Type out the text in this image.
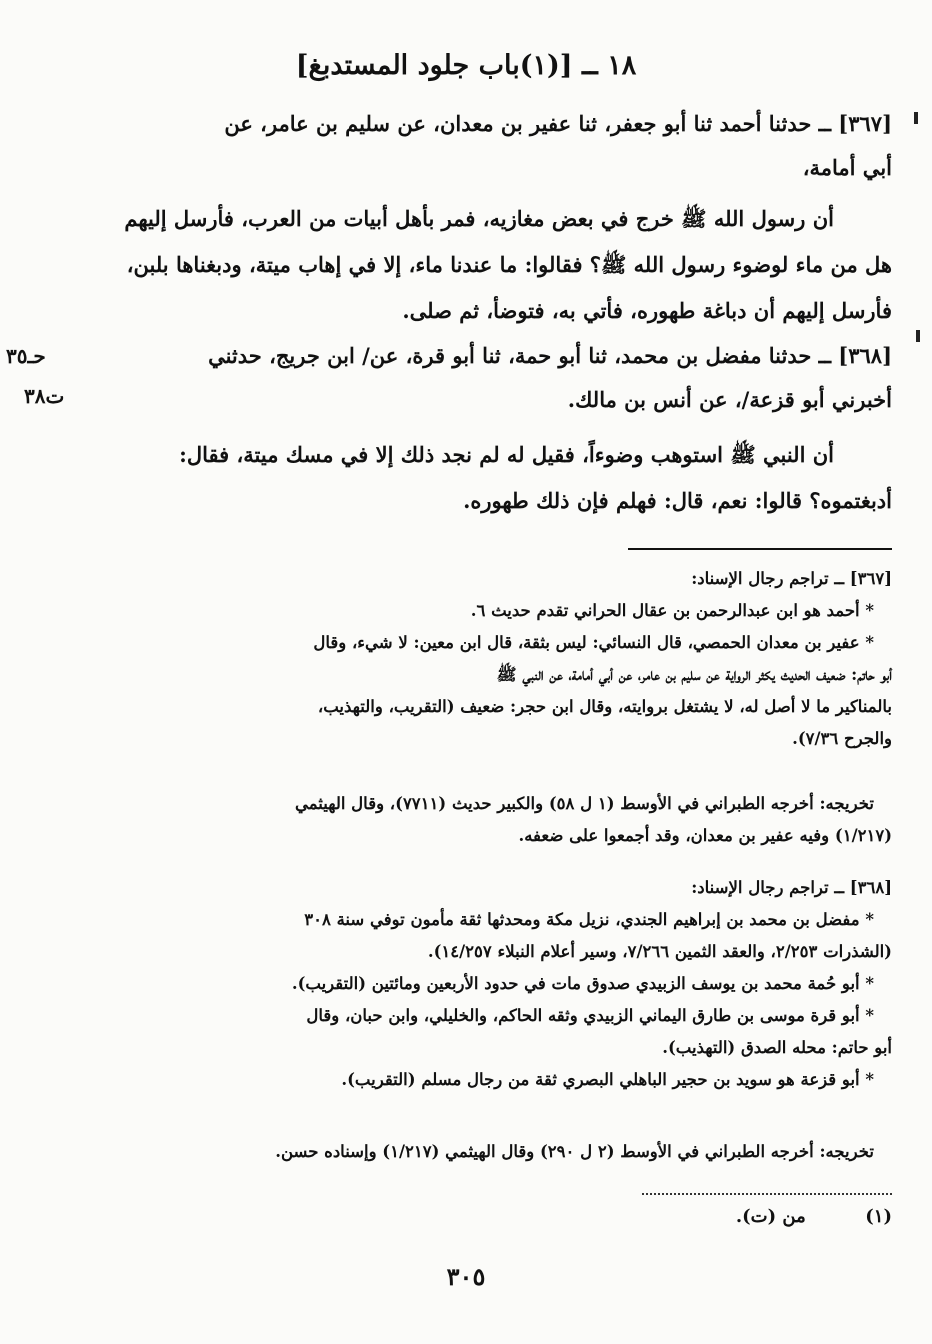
١٨ ــ [(١)باب جلود المستدبغ]

[٣٦٧] ــ حدثنا أحمد ثنا أبو جعفر، ثنا عفير بن معدان، عن سليم بن عامر، عن

أبي أمامة،

أن رسول الله ﷺ خرج في بعض مغازيه، فمر بأهل أبيات من العرب، فأرسل إليهم

هل من ماء لوضوء رسول الله ﷺ؟ فقالوا: ما عندنا ماء، إلا في إهاب ميتة، ودبغناها بلبن،

فأرسل إليهم أن دباغة طهوره، فأتي به، فتوضأ، ثم صلى.

[٣٦٨] ــ حدثنا مفضل بن محمد، ثنا أبو حمة، ثنا أبو قرة، عن/ ابن جريج، حدثني

أخبرني أبو قزعة/، عن أنس بن مالك.

أن النبي ﷺ استوهب وضوءاً، فقيل له لم نجد ذلك إلا في مسك ميتة، فقال:

أدبغتموه؟ قالوا: نعم، قال: فهلم فإن ذلك طهوره.

حـ٣٥
ت٣٨

[٣٦٧] ــ تراجم رجال الإسناد:

* أحمد هو ابن عبدالرحمن بن عقال الحراني تقدم حديث ٦.

* عفير بن معدان الحمصي، قال النسائي: ليس بثقة، قال ابن معين: لا شيء، وقال

أبو حاتم: ضعيف الحديث يكثر الرواية عن سليم بن عامر، عن أبي أمامة، عن النبي ﷺ

بالمناكير ما لا أصل له، لا يشتغل بروايته، وقال ابن حجر: ضعيف (التقريب، والتهذيب،

والجرح ٧/٣٦).

تخريجه: أخرجه الطبراني في الأوسط (١ ل ٥٨) والكبير حديث (٧٧١١)، وقال الهيثمي

(١/٢١٧) وفيه عفير بن معدان، وقد أجمعوا على ضعفه.

[٣٦٨] ــ تراجم رجال الإسناد:

* مفضل بن محمد بن إبراهيم الجندي، نزيل مكة ومحدثها ثقة مأمون توفي سنة ٣٠٨

(الشذرات ٢/٢٥٣، والعقد الثمين ٧/٢٦٦، وسير أعلام النبلاء ١٤/٢٥٧).

* أبو حُمة محمد بن يوسف الزبيدي صدوق مات في حدود الأربعين ومائتين (التقريب).

* أبو قرة موسى بن طارق اليماني الزبيدي وثقه الحاكم، والخليلي، وابن حبان، وقال

أبو حاتم: محله الصدق (التهذيب).

* أبو قزعة هو سويد بن حجير الباهلي البصري ثقة من رجال مسلم (التقريب).

تخريجه: أخرجه الطبراني في الأوسط (٢ ل ٢٩٠) وقال الهيثمي (١/٢١٧) وإسناده حسن.

(١) من (ت).
٣٠٥
